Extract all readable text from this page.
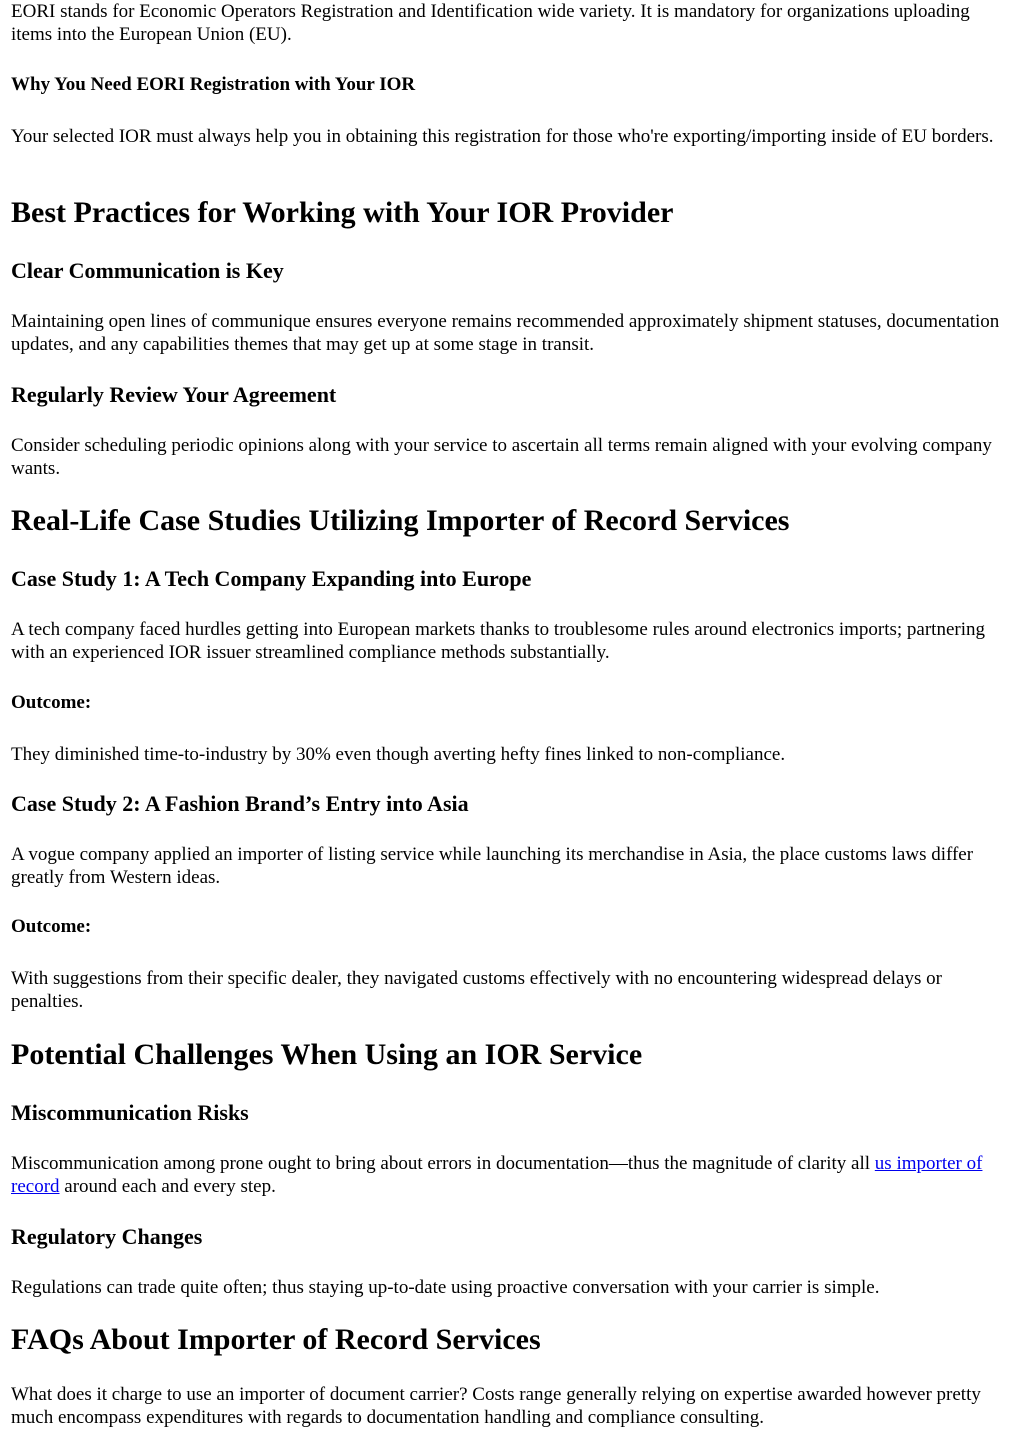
EORI stands for Economic Operators Registration and Identification wide variety. It is mandatory for organizations uploading items into the European Union (EU).

Why You Need EORI Registration with Your IOR

Your selected IOR must always help you in obtaining this registration for those who're exporting/importing inside of EU borders.

Best Practices for Working with Your IOR Provider
Clear Communication is Key

Maintaining open lines of communique ensures everyone remains recommended approximately shipment statuses, documentation updates, and any capabilities themes that may get up at some stage in transit.

Regularly Review Your Agreement

Consider scheduling periodic opinions along with your service to ascertain all terms remain aligned with your evolving company wants.

Real-Life Case Studies Utilizing Importer of Record Services
Case Study 1: A Tech Company Expanding into Europe

A tech company faced hurdles getting into European markets thanks to troublesome rules around electronics imports; partnering with an experienced IOR issuer streamlined compliance methods substantially.

Outcome:

They diminished time-to-industry by 30% even though averting hefty fines linked to non-compliance.

Case Study 2: A Fashion Brand’s Entry into Asia

A vogue company applied an importer of listing service while launching its merchandise in Asia, the place customs laws differ greatly from Western ideas.

Outcome:

With suggestions from their specific dealer, they navigated customs effectively with no encountering widespread delays or penalties.

Potential Challenges When Using an IOR Service
Miscommunication Risks

Miscommunication among prone ought to bring about errors in documentation—thus the magnitude of clarity all us importer of record around each and every step.

Regulatory Changes

Regulations can trade quite often; thus staying up-to-date using proactive conversation with your carrier is simple.

FAQs About Importer of Record Services

What does it charge to use an importer of document carrier? Costs range generally relying on expertise awarded however pretty much encompass expenditures with regards to documentation handling and compliance consulting.
